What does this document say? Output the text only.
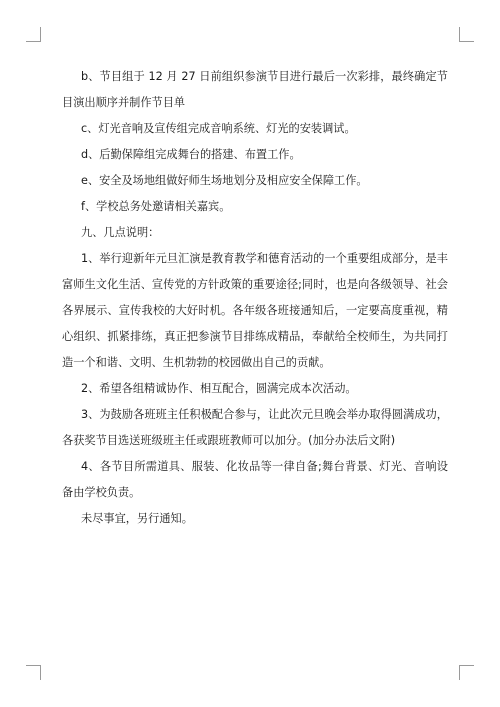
b、节目组于 12 月 27 日前组织参演节目进行最后一次彩排，最终确定节目演出顺序并制作节目单

c、灯光音响及宣传组完成音响系统、灯光的安装调试。

d、后勤保障组完成舞台的搭建、布置工作。

e、安全及场地组做好师生场地划分及相应安全保障工作。

f、学校总务处邀请相关嘉宾。

九、几点说明：

1、举行迎新年元旦汇演是教育教学和德育活动的一个重要组成部分，是丰富师生文化生活、宣传党的方针政策的重要途径;同时，也是向各级领导、社会各界展示、宣传我校的大好时机。各年级各班接通知后，一定要高度重视，精心组织、抓紧排练，真正把参演节目排练成精品，奉献给全校师生，为共同打造一个和谐、文明、生机勃勃的校园做出自己的贡献。

2、希望各组精诚协作、相互配合，圆满完成本次活动。

3、为鼓励各班班主任积极配合参与，让此次元旦晚会举办取得圆满成功，各获奖节目选送班级班主任或跟班教师可以加分。(加分办法后文附)

4、各节目所需道具、服装、化妆品等一律自备;舞台背景、灯光、音响设备由学校负责。

未尽事宜，另行通知。
